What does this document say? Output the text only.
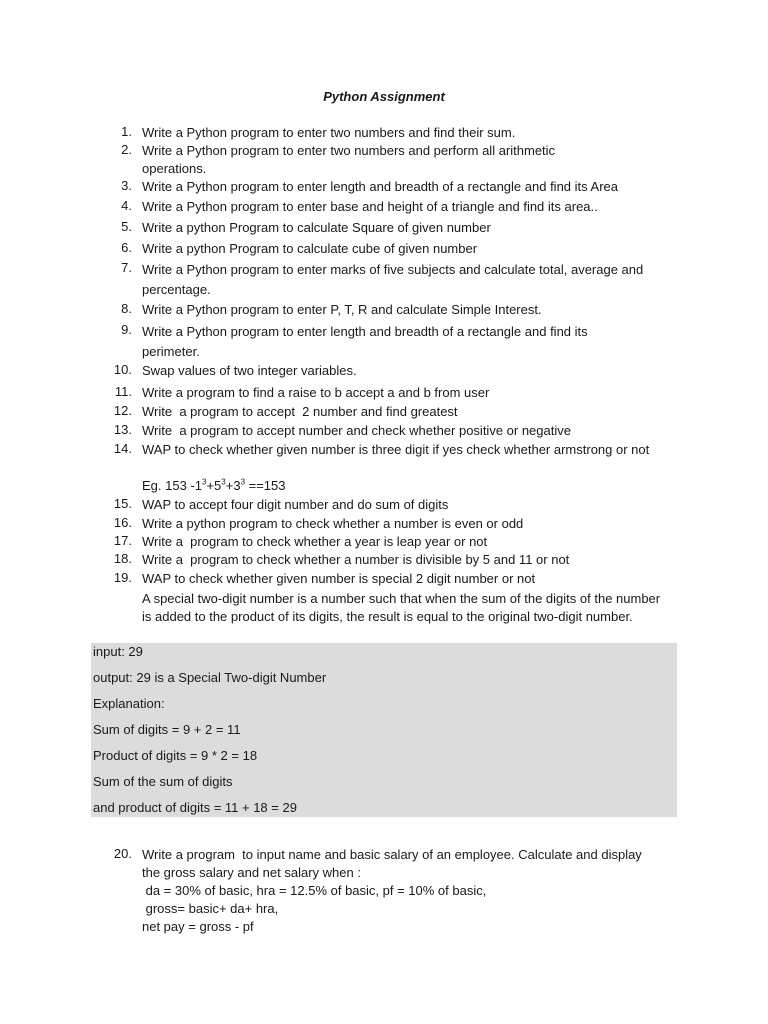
Python Assignment
1. Write a Python program to enter two numbers and find their sum.
2. Write a Python program to enter two numbers and perform all arithmetic operations.
3. Write a Python program to enter length and breadth of a rectangle and find its Area
4. Write a Python program to enter base and height of a triangle and find its area..
5. Write a python Program to calculate Square of given number
6. Write a python Program to calculate cube of given number
7. Write a Python program to enter marks of five subjects and calculate total, average and percentage.
8. Write a Python program to enter P, T, R and calculate Simple Interest.
9. Write a Python program to enter length and breadth of a rectangle and find its perimeter.
10. Swap values of two integer variables.
11. Write a program to find a raise to b accept a and b from user
12. Write  a program to accept  2 number and find greatest
13. Write  a program to accept number and check whether positive or negative
14. WAP to check whether given number is three digit if yes check whether armstrong or not
Eg. 153 $-1^3+5^3+3^3 ==153$
15. WAP to accept four digit number and do sum of digits
16. Write a python program to check whether a number is even or odd
17. Write a  program to check whether a year is leap year or not
18. Write a  program to check whether a number is divisible by 5 and 11 or not
19. WAP to check whether given number is special 2 digit number or not
A special two-digit number is a number such that when the sum of the digits of the number is added to the product of its digits, the result is equal to the original two-digit number.
input: 29
output: 29 is a Special Two-digit Number
Explanation:
Sum of digits = 9 + 2 = 11
Product of digits = 9 * 2 = 18
Sum of the sum of digits
and product of digits = 11 + 18 = 29
20. Write a program  to input name and basic salary of an employee. Calculate and display the gross salary and net salary when :
da = 30% of basic, hra = 12.5% of basic, pf = 10% of basic,
gross= basic+ da+ hra,
net pay = gross - pf
